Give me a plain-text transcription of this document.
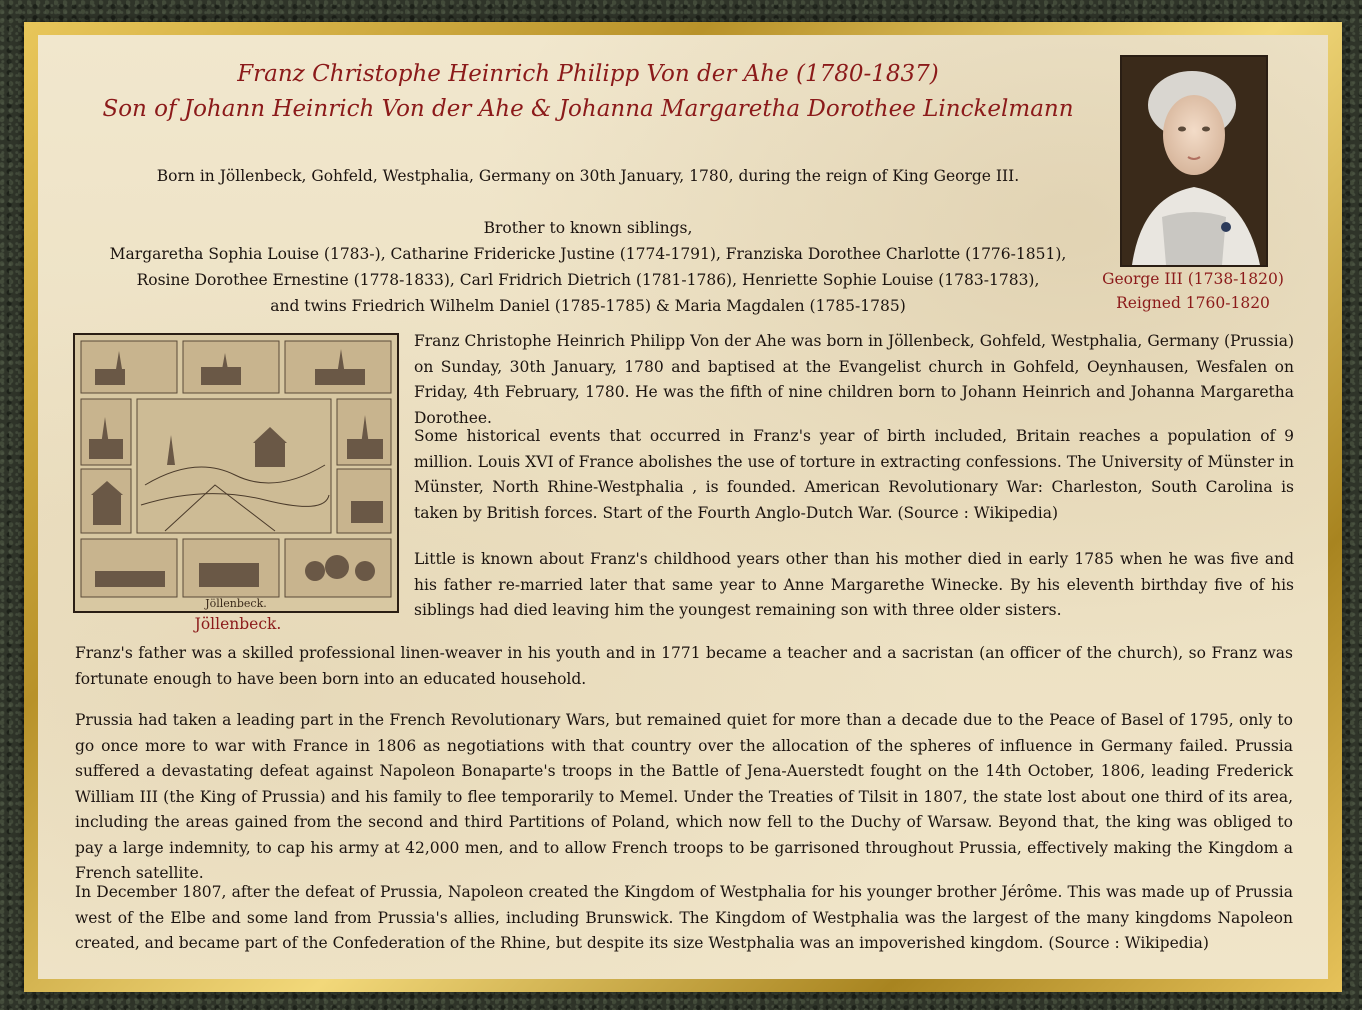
Franz Christophe Heinrich Philipp Von der Ahe (1780-1837)
Son of Johann Heinrich Von der Ahe & Johanna Margaretha Dorothee Linckelmann
Born in Jöllenbeck, Gohfeld, Westphalia, Germany on 30th January, 1780, during the reign of King George III.
Brother to known siblings,
Margaretha Sophia Louise (1783-), Catharine Fridericke Justine (1774-1791), Franziska Dorothee Charlotte (1776-1851),
Rosine Dorothee Ernestine (1778-1833), Carl Fridrich Dietrich (1781-1786), Henriette Sophie Louise (1783-1783),
and twins Friedrich Wilhelm Daniel (1785-1785) & Maria Magdalen (1785-1785)
George III (1738-1820)
Reigned 1760-1820
Jöllenbeck.
Jöllenbeck.

Franz Christophe Heinrich Philipp Von der Ahe was born in Jöllenbeck, Gohfeld, Westphalia, Germany (Prussia) on Sunday, 30th January, 1780 and baptised at the Evangelist church in Gohfeld, Oeynhausen, Wesfalen on Friday, 4th February, 1780. He was the fifth of nine children born to Johann Heinrich and Johanna Margaretha Dorothee.

Some historical events that occurred in Franz's year of birth included, Britain reaches a population of 9 million. Louis XVI of France abolishes the use of torture in extracting confessions. The University of Münster in Münster, North Rhine-Westphalia , is founded. American Revolutionary War: Charleston, South Carolina is taken by British forces. Start of the Fourth Anglo-Dutch War. (Source : Wikipedia)

Little is known about Franz's childhood years other than his mother died in early 1785 when he was five and his father re-married later that same year to Anne Margarethe Winecke. By his eleventh birthday five of his siblings had died leaving him the youngest remaining son with three older sisters.

Franz's father was a skilled professional linen-weaver in his youth and in 1771 became a teacher and a sacristan (an officer of the church), so Franz was fortunate enough to have been born into an educated household.

Prussia had taken a leading part in the French Revolutionary Wars, but remained quiet for more than a decade due to the Peace of Basel of 1795, only to go once more to war with France in 1806 as negotiations with that country over the allocation of the spheres of influence in Germany failed. Prussia suffered a devastating defeat against Napoleon Bonaparte's troops in the Battle of Jena-Auerstedt fought on the 14th October, 1806, leading Frederick William III (the King of Prussia) and his family to flee temporarily to Memel. Under the Treaties of Tilsit in 1807, the state lost about one third of its area, including the areas gained from the second and third Partitions of Poland, which now fell to the Duchy of Warsaw. Beyond that, the king was obliged to pay a large indemnity, to cap his army at 42,000 men, and to allow French troops to be garrisoned throughout Prussia, effectively making the Kingdom a French satellite.

In December 1807, after the defeat of Prussia, Napoleon created the Kingdom of Westphalia for his younger brother Jérôme. This was made up of Prussia west of the Elbe and some land from Prussia's allies, including Brunswick. The Kingdom of Westphalia was the largest of the many kingdoms Napoleon created, and became part of the Confederation of the Rhine, but despite its size Westphalia was an impoverished kingdom. (Source : Wikipedia)
